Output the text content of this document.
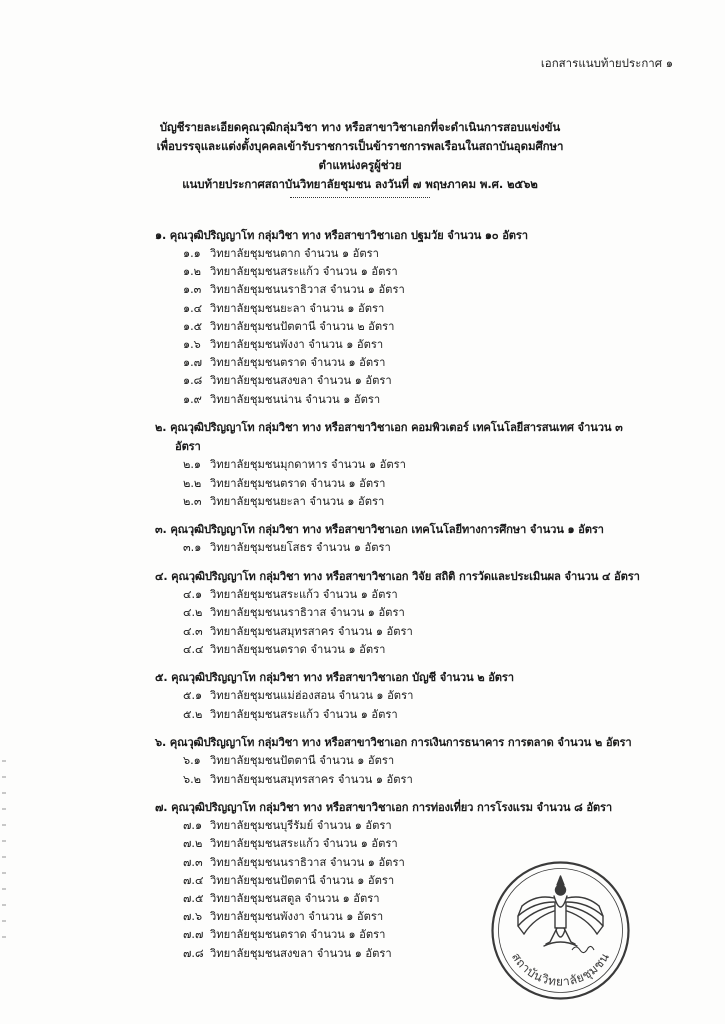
เอกสารแนบท้ายประกาศ ๑
บัญชีรายละเอียดคุณวุฒิกลุ่มวิชา ทาง หรือสาขาวิชาเอกที่จะดำเนินการสอบแข่งขัน
เพื่อบรรจุและแต่งตั้งบุคคลเข้ารับราชการเป็นข้าราชการพลเรือนในสถาบันอุดมศึกษา
ตำแหน่งครูผู้ช่วย
แนบท้ายประกาศสถาบันวิทยาลัยชุมชน ลงวันที่ ๗ พฤษภาคม พ.ศ. ๒๕๖๒
๑. คุณวุฒิปริญญาโท กลุ่มวิชา ทาง หรือสาขาวิชาเอก ปฐมวัย จำนวน ๑๐ อัตรา
๑.๑ วิทยาลัยชุมชนตาก จำนวน ๑ อัตรา
๑.๒ วิทยาลัยชุมชนสระแก้ว จำนวน ๑ อัตรา
๑.๓ วิทยาลัยชุมชนนราธิวาส จำนวน ๑ อัตรา
๑.๔ วิทยาลัยชุมชนยะลา จำนวน ๑ อัตรา
๑.๕ วิทยาลัยชุมชนปัตตานี จำนวน ๒ อัตรา
๑.๖ วิทยาลัยชุมชนพังงา จำนวน ๑ อัตรา
๑.๗ วิทยาลัยชุมชนตราด จำนวน ๑ อัตรา
๑.๘ วิทยาลัยชุมชนสงขลา จำนวน ๑ อัตรา
๑.๙ วิทยาลัยชุมชนน่าน จำนวน ๑ อัตรา
๒. คุณวุฒิปริญญาโท กลุ่มวิชา ทาง หรือสาขาวิชาเอก คอมพิวเตอร์ เทคโนโลยีสารสนเทศ จำนวน ๓
อัตรา
๒.๑ วิทยาลัยชุมชนมุกดาหาร จำนวน ๑ อัตรา
๒.๒ วิทยาลัยชุมชนตราด จำนวน ๑ อัตรา
๒.๓ วิทยาลัยชุมชนยะลา จำนวน ๑ อัตรา
๓. คุณวุฒิปริญญาโท กลุ่มวิชา ทาง หรือสาขาวิชาเอก เทคโนโลยีทางการศึกษา จำนวน ๑ อัตรา
๓.๑ วิทยาลัยชุมชนยโสธร จำนวน ๑ อัตรา
๔. คุณวุฒิปริญญาโท กลุ่มวิชา ทาง หรือสาขาวิชาเอก วิจัย สถิติ การวัดและประเมินผล จำนวน ๔ อัตรา
๔.๑ วิทยาลัยชุมชนสระแก้ว จำนวน ๑ อัตรา
๔.๒ วิทยาลัยชุมชนนราธิวาส จำนวน ๑ อัตรา
๔.๓ วิทยาลัยชุมชนสมุทรสาคร จำนวน ๑ อัตรา
๔.๔ วิทยาลัยชุมชนตราด จำนวน ๑ อัตรา
๕. คุณวุฒิปริญญาโท กลุ่มวิชา ทาง หรือสาขาวิชาเอก บัญชี จำนวน ๒ อัตรา
๕.๑ วิทยาลัยชุมชนแม่ฮ่องสอน จำนวน ๑ อัตรา
๕.๒ วิทยาลัยชุมชนสระแก้ว จำนวน ๑ อัตรา
๖. คุณวุฒิปริญญาโท กลุ่มวิชา ทาง หรือสาขาวิชาเอก การเงินการธนาคาร การตลาด จำนวน ๒ อัตรา
๖.๑ วิทยาลัยชุมชนปัตตานี จำนวน ๑ อัตรา
๖.๒ วิทยาลัยชุมชนสมุทรสาคร จำนวน ๑ อัตรา
๗. คุณวุฒิปริญญาโท กลุ่มวิชา ทาง หรือสาขาวิชาเอก การท่องเที่ยว การโรงแรม จำนวน ๘ อัตรา
๗.๑ วิทยาลัยชุมชนบุรีรัมย์ จำนวน ๑ อัตรา
๗.๒ วิทยาลัยชุมชนสระแก้ว จำนวน ๑ อัตรา
๗.๓ วิทยาลัยชุมชนนราธิวาส จำนวน ๑ อัตรา
๗.๔ วิทยาลัยชุมชนปัตตานี จำนวน ๑ อัตรา
๗.๕ วิทยาลัยชุมชนสตูล จำนวน ๑ อัตรา
๗.๖ วิทยาลัยชุมชนพังงา จำนวน ๑ อัตรา
๗.๗ วิทยาลัยชุมชนตราด จำนวน ๑ อัตรา
๗.๘ วิทยาลัยชุมชนสงขลา จำนวน ๑ อัตรา	สถาบันวิทยาลัยชุมชน
